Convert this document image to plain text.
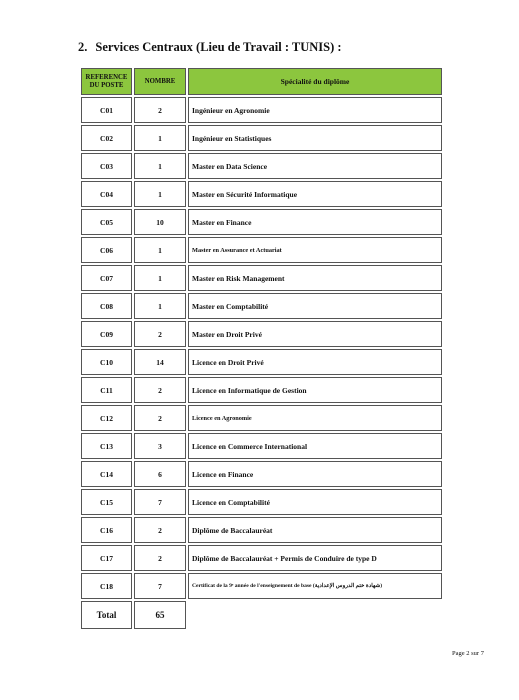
2. Services Centraux (Lieu de Travail : TUNIS) :
REFERENCE DU POSTE	NOMBRE	Spécialité du diplôme
C01	2	Ingénieur en Agronomie
C02	1	Ingénieur en Statistiques
C03	1	Master en Data Science
C04	1	Master en Sécurité Informatique
C05	10	Master en Finance
C06	1	Master en Assurance et Actuariat
C07	1	Master en Risk Management
C08	1	Master en Comptabilité
C09	2	Master en Droit Privé
C10	14	Licence en Droit Privé
C11	2	Licence en Informatique de Gestion
C12	2	Licence en Agronomie
C13	3	Licence en Commerce International
C14	6	Licence en Finance
C15	7	Licence en Comptabilité
C16	2	Diplôme de Baccalauréat
C17	2	Diplôme de Baccalauréat + Permis de Conduire de type D
C18	7	Certificat de la 9ᵉ année de l'enseignement de base (شهادة ختم الدروس الإعدادية)
Total	65	
Page 2 sur 7
